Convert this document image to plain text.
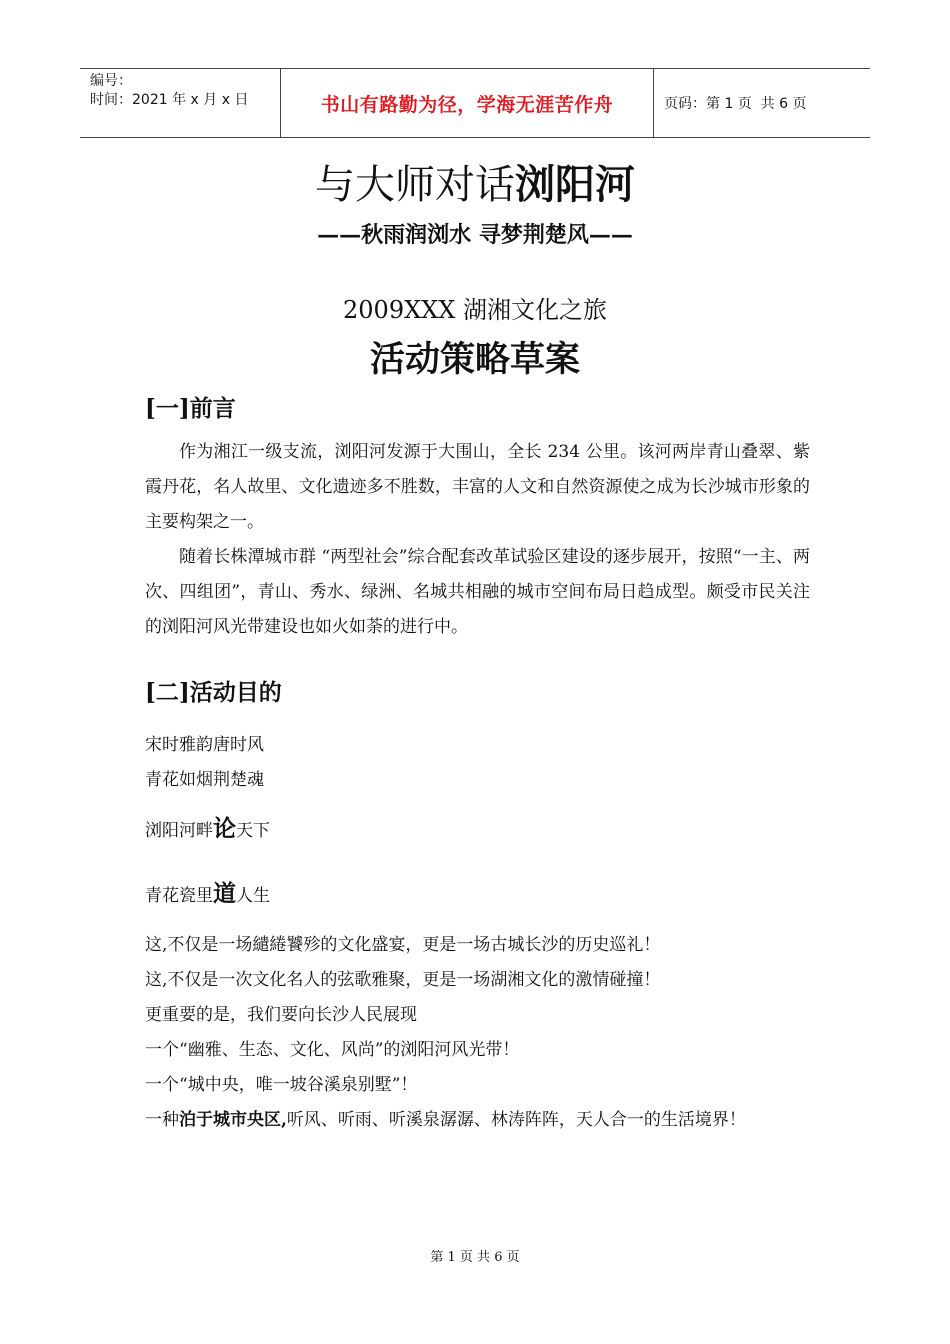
编号：
时间：2021 年 x 月 x 日	书山有路勤为径，学海无涯苦作舟	页码：第 1 页  共 6 页
与大师对话浏阳河
——秋雨润浏水 寻梦荆楚风——
2009XXX 湖湘文化之旅
活动策略草案

[一]前言

作为湘江一级支流，浏阳河发源于大围山，全长 234 公里。该河两岸青山叠翠、紫霞丹花，名人故里、文化遗迹多不胜数，丰富的人文和自然资源使之成为长沙城市形象的主要构架之一。

随着长株潭城市群 “两型社会”综合配套改革试验区建设的逐步展开，按照“一主、两次、四组团”，青山、秀水、绿洲、名城共相融的城市空间布局日趋成型。颇受市民关注的浏阳河风光带建设也如火如荼的进行中。

[二]活动目的

宋时雅韵唐时风

青花如烟荆楚魂

浏阳河畔论天下

青花瓷里道人生

这,不仅是一场繾綣饕殄的文化盛宴，更是一场古城长沙的历史巡礼！

这,不仅是一次文化名人的弦歌雅聚，更是一场湖湘文化的激情碰撞！

更重要的是，我们要向长沙人民展现

一个“幽雅、生态、文化、风尚”的浏阳河风光带！

一个“城中央，唯一坡谷溪泉别墅”！

一种泊于城市央区,听风、听雨、听溪泉潺潺、林涛阵阵，天人合一的生活境界！

第 1 页 共 6 页
